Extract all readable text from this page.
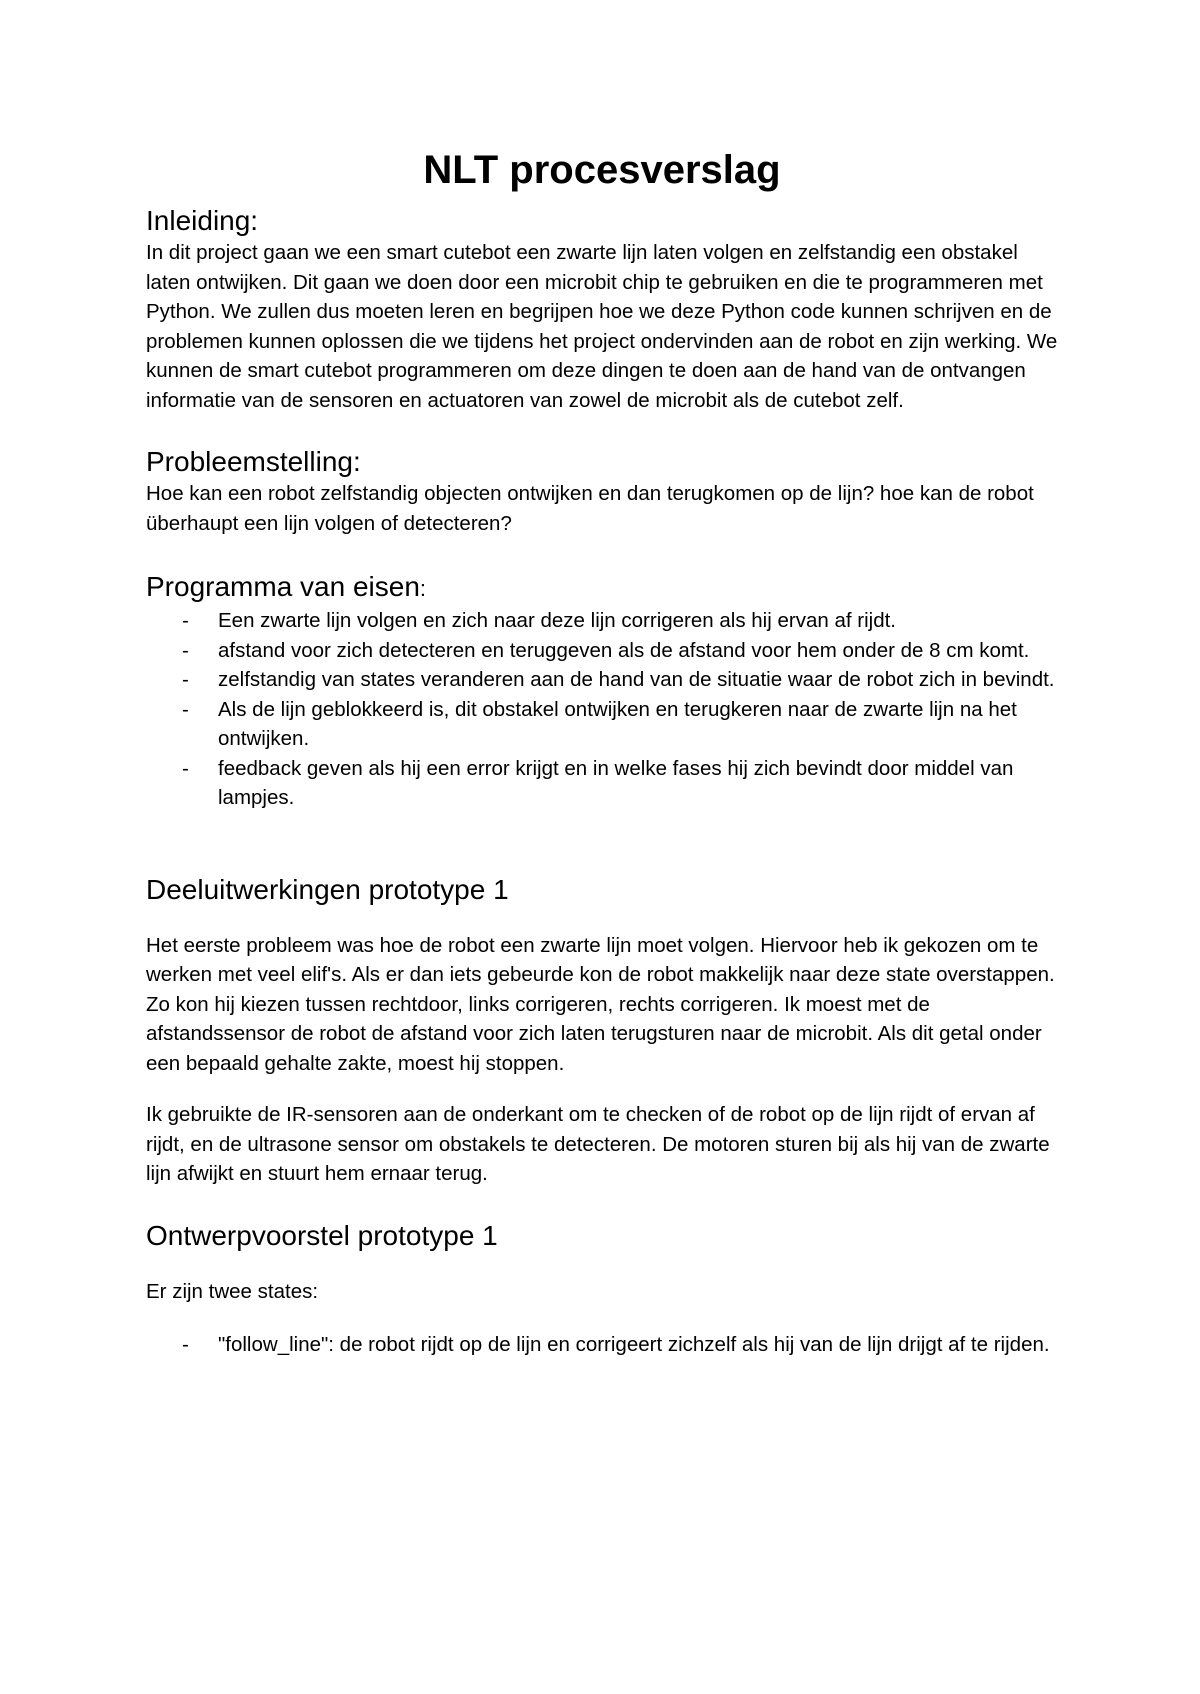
NLT procesverslag
Inleiding:

In dit project gaan we een smart cutebot een zwarte lijn laten volgen en zelfstandig een obstakel laten ontwijken. Dit gaan we doen door een microbit chip te gebruiken en die te programmeren met Python. We zullen dus moeten leren en begrijpen hoe we deze Python code kunnen schrijven en de problemen kunnen oplossen die we tijdens het project ondervinden aan de robot en zijn werking. We kunnen de smart cutebot programmeren om deze dingen te doen aan de hand van de ontvangen informatie van de sensoren en actuatoren van zowel de microbit als de cutebot zelf.

Probleemstelling:

Hoe kan een robot zelfstandig objecten ontwijken en dan terugkomen op de lijn? hoe kan de robot überhaupt een lijn volgen of detecteren?

Programma van eisen:
- Een zwarte lijn volgen en zich naar deze lijn corrigeren als hij ervan af rijdt.
- afstand voor zich detecteren en teruggeven als de afstand voor hem onder de 8 cm komt.
- zelfstandig van states veranderen aan de hand van de situatie waar de robot zich in bevindt.
- Als de lijn geblokkeerd is, dit obstakel ontwijken en terugkeren naar de zwarte lijn na het ontwijken.
- feedback geven als hij een error krijgt en in welke fases hij zich bevindt door middel van lampjes.
Deeluitwerkingen prototype 1

Het eerste probleem was hoe de robot een zwarte lijn moet volgen. Hiervoor heb ik gekozen om te werken met veel elif's. Als er dan iets gebeurde kon de robot makkelijk naar deze state overstappen. Zo kon hij kiezen tussen rechtdoor, links corrigeren, rechts corrigeren. Ik moest met de afstandssensor de robot de afstand voor zich laten terugsturen naar de microbit. Als dit getal onder een bepaald gehalte zakte, moest hij stoppen.

Ik gebruikte de IR-sensoren aan de onderkant om te checken of de robot op de lijn rijdt of ervan af rijdt, en de ultrasone sensor om obstakels te detecteren. De motoren sturen bij als hij van de zwarte lijn afwijkt en stuurt hem ernaar terug.

Ontwerpvoorstel prototype 1

Er zijn twee states:

- "follow_line": de robot rijdt op de lijn en corrigeert zichzelf als hij van de lijn drijgt af te rijden.
